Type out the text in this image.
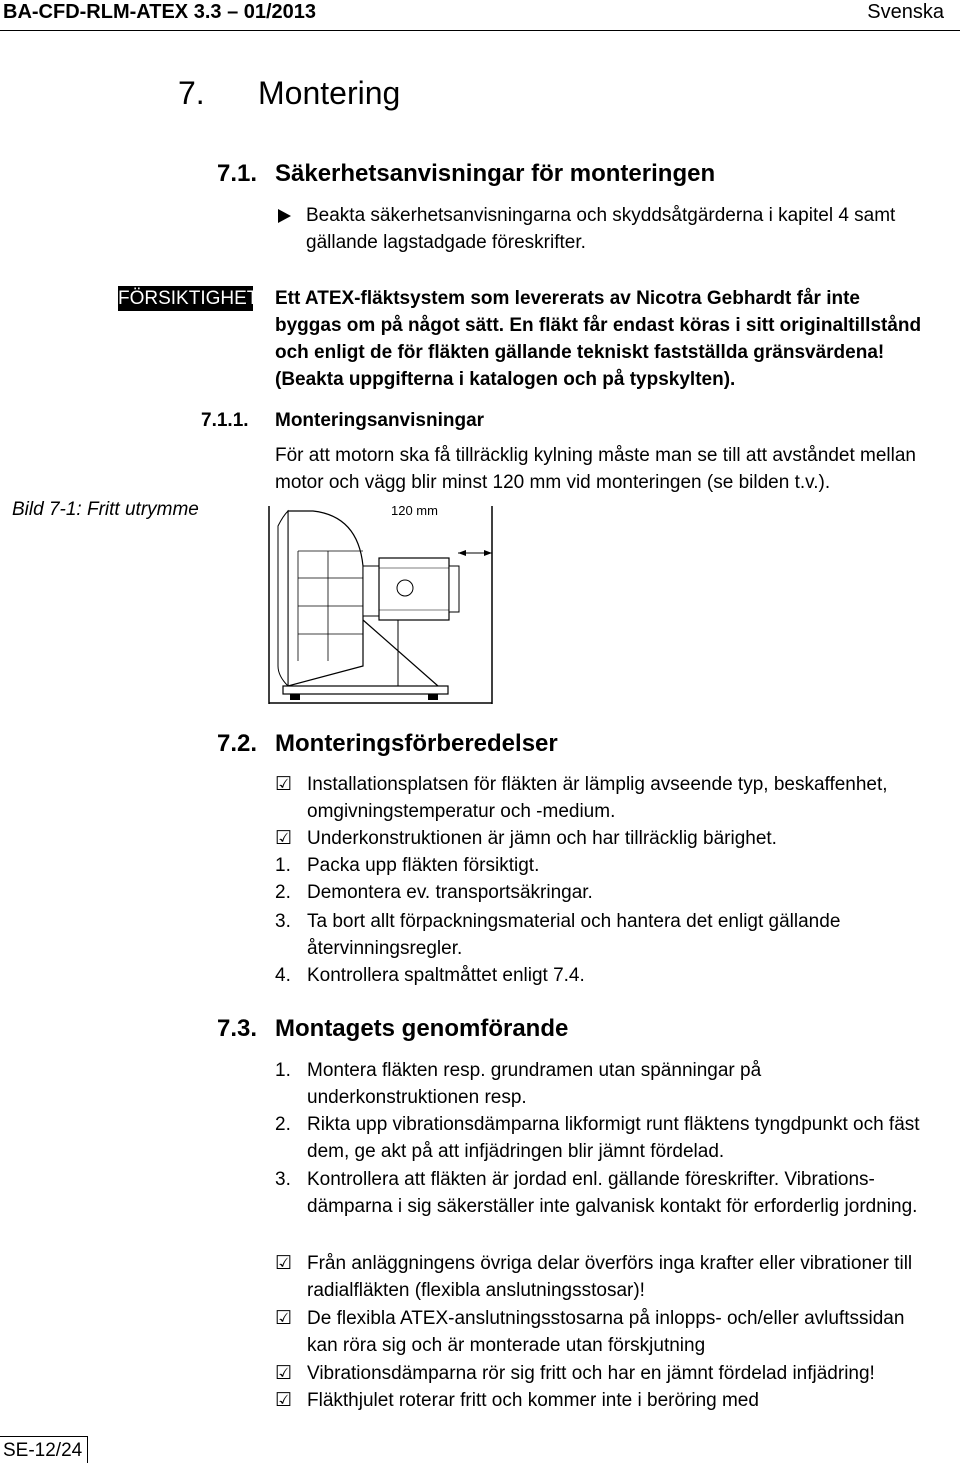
BA-CFD-RLM-ATEX 3.3 – 01/2013	Svenska
7. Montering
7.1. Säkerhetsanvisningar för monteringen
Beakta säkerhetsanvisningarna och skyddsåtgärderna i kapitel 4 samt
gällande lagstadgade föreskrifter.
FÖRSIKTIGHET Ett ATEX-fläktsystem som levererats av Nicotra Gebhardt får inte
byggas om på något sätt. En fläkt får endast köras i sitt originaltillstånd
och enligt de för fläkten gällande tekniskt fastställda gränsvärdena!
(Beakta uppgifterna i katalogen och på typskylten).
7.1.1. Monteringsanvisningar
För att motorn ska få tillräcklig kylning måste man se till att avståndet mellan
motor och vägg blir minst 120 mm vid monteringen (se bilden t.v.).
Bild 7-1: Fritt utrymme	120 mm
7.2. Monteringsförberedelser
☑ Installationsplatsen för fläkten är lämplig avseende typ, beskaffenhet,
omgivningstemperatur och -medium.
☑ Underkonstruktionen är jämn och har tillräcklig bärighet.
1. Packa upp fläkten försiktigt.
2. Demontera ev. transportsäkringar.
3. Ta bort allt förpackningsmaterial och hantera det enligt gällande
återvinningsregler.
4. Kontrollera spaltmåttet enligt 7.4.
7.3. Montagets genomförande
1. Montera fläkten resp. grundramen utan spänningar på
underkonstruktionen resp.
2. Rikta upp vibrationsdämparna likformigt runt fläktens tyngdpunkt och fäst
dem, ge akt på att infjädringen blir jämnt fördelad.
3. Kontrollera att fläkten är jordad enl. gällande föreskrifter. Vibrations-
dämparna i sig säkerställer inte galvanisk kontakt för erforderlig jordning.
☑ Från anläggningens övriga delar överförs inga krafter eller vibrationer till
radialfläkten (flexibla anslutningsstosar)!
☑ De flexibla ATEX-anslutningsstosarna på inlopps- och/eller avluftssidan
kan röra sig och är monterade utan förskjutning
☑ Vibrationsdämparna rör sig fritt och har en jämnt fördelad infjädring!
☑ Fläkthjulet roterar fritt och kommer inte i beröring med
SE-12/24
